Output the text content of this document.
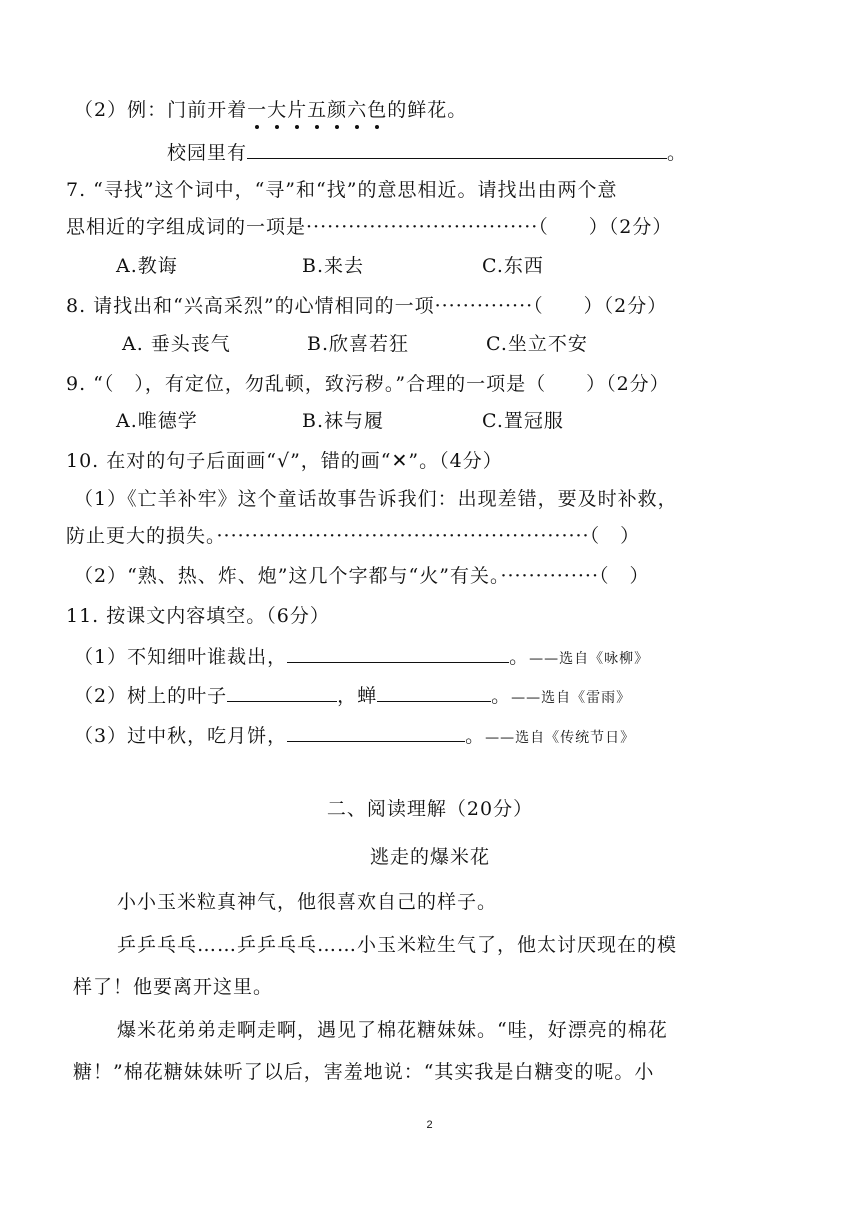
（2）例：门前开着一大片五颜六色的鲜花。
校园里有	。
7. “寻找”这个词中，“寻”和“找”的意思相近。请找出由两个意
思相近的字组成词的一项是·································（　　）（2分）
A.教诲	B.来去	C.东西
8. 请找出和“兴高采烈”的心情相同的一项··············（　　）（2分）
A. 垂头丧气	B.欣喜若狂	C.坐立不安
9. “（　），有定位，勿乱顿，致污秽。”合理的一项是（　　）（2分）
A.唯德学	B.袜与履	C.置冠服
10. 在对的句子后面画“√”，错的画“✕”。（4分）
（1）《亡羊补牢》这个童话故事告诉我们：出现差错，要及时补救，
防止更大的损失。·····················································（　）
（2）“熟、热、炸、炮”这几个字都与“火”有关。··············（　）
11. 按课文内容填空。（6分）
（1）不知细叶谁裁出，	。——选自《咏柳》
（2）树上的叶子	，蝉	。——选自《雷雨》
（3）过中秋，吃月饼，	。——选自《传统节日》
二、阅读理解（20分）
逃走的爆米花
小小玉米粒真神气，他很喜欢自己的样子。
乒乒乓乓……乒乒乓乓……小玉米粒生气了，他太讨厌现在的模
样了！他要离开这里。
爆米花弟弟走啊走啊，遇见了棉花糖妹妹。“哇，好漂亮的棉花
糖！”棉花糖妹妹听了以后，害羞地说：“其实我是白糖变的呢。小
2
